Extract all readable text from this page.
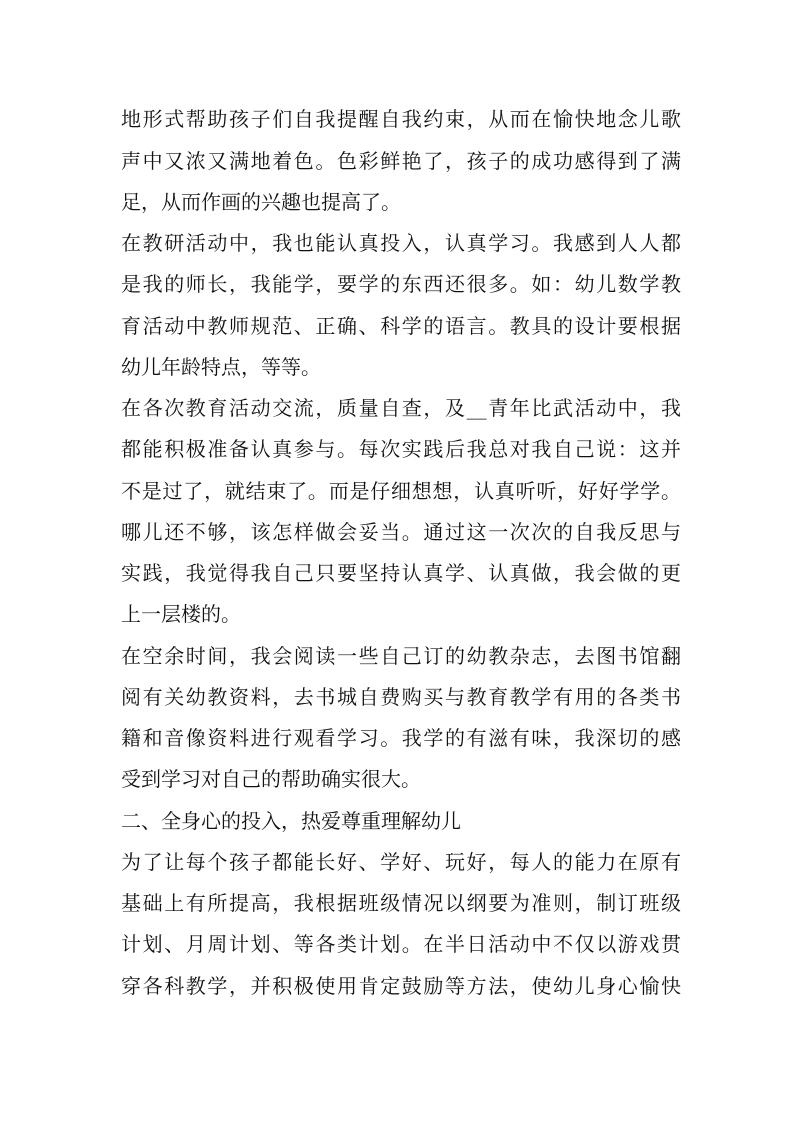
地形式帮助孩子们自我提醒自我约束，从而在愉快地念儿歌
声中又浓又满地着色。色彩鲜艳了，孩子的成功感得到了满
足，从而作画的兴趣也提高了。
在教研活动中，我也能认真投入，认真学习。我感到人人都
是我的师长，我能学，要学的东西还很多。如：幼儿数学教
育活动中教师规范、正确、科学的语言。教具的设计要根据
幼儿年龄特点，等等。
在各次教育活动交流，质量自查，及__青年比武活动中，我
都能积极准备认真参与。每次实践后我总对我自己说：这并
不是过了，就结束了。而是仔细想想，认真听听，好好学学。
哪儿还不够，该怎样做会妥当。通过这一次次的自我反思与
实践，我觉得我自己只要坚持认真学、认真做，我会做的更
上一层楼的。
在空余时间，我会阅读一些自己订的幼教杂志，去图书馆翻
阅有关幼教资料，去书城自费购买与教育教学有用的各类书
籍和音像资料进行观看学习。我学的有滋有味，我深切的感
受到学习对自己的帮助确实很大。
二、全身心的投入，热爱尊重理解幼儿
为了让每个孩子都能长好、学好、玩好，每人的能力在原有
基础上有所提高，我根据班级情况以纲要为准则，制订班级
计划、月周计划、等各类计划。在半日活动中不仅以游戏贯
穿各科教学，并积极使用肯定鼓励等方法，使幼儿身心愉快
